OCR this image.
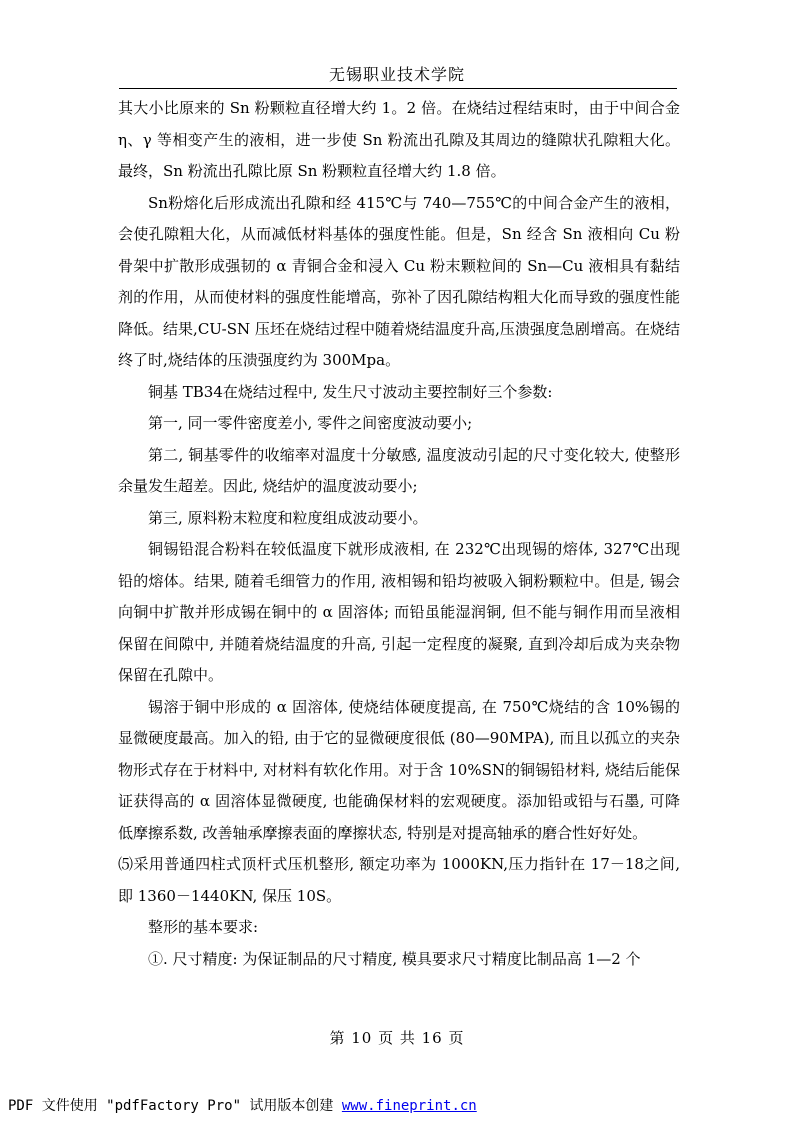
无锡职业技术学院

其大小比原来的 Sn 粉颗粒直径增大约 1。2 倍。在烧结过程结束时，由于中间合金 η、γ 等相变产生的液相，进一步使 Sn 粉流出孔隙及其周边的缝隙状孔隙粗大化。最终，Sn 粉流出孔隙比原 Sn 粉颗粒直径增大约 1.8 倍。

Sn粉熔化后形成流出孔隙和经 415℃与 740—755℃的中间合金产生的液相，会使孔隙粗大化，从而减低材料基体的强度性能。但是，Sn 经含 Sn 液相向 Cu 粉骨架中扩散形成强韧的 α 青铜合金和浸入 Cu 粉末颗粒间的 Sn—Cu 液相具有黏结剂的作用，从而使材料的强度性能增高，弥补了因孔隙结构粗大化而导致的强度性能降低。结果,CU-SN 压坯在烧结过程中随着烧结温度升高,压溃强度急剧增高。在烧结终了时,烧结体的压溃强度约为 300Mpa。

铜基 TB34在烧结过程中, 发生尺寸波动主要控制好三个参数:

第一, 同一零件密度差小, 零件之间密度波动要小;

第二, 铜基零件的收缩率对温度十分敏感, 温度波动引起的尺寸变化较大, 使整形余量发生超差。因此, 烧结炉的温度波动要小;

第三, 原料粉末粒度和粒度组成波动要小。

铜锡铅混合粉料在较低温度下就形成液相, 在 232℃出现锡的熔体, 327℃出现铅的熔体。结果, 随着毛细管力的作用, 液相锡和铅均被吸入铜粉颗粒中。但是, 锡会向铜中扩散并形成锡在铜中的 α 固溶体; 而铅虽能湿润铜, 但不能与铜作用而呈液相保留在间隙中, 并随着烧结温度的升高, 引起一定程度的凝聚, 直到冷却后成为夹杂物保留在孔隙中。

锡溶于铜中形成的 α 固溶体, 使烧结体硬度提高, 在 750℃烧结的含 10%锡的显微硬度最高。加入的铅, 由于它的显微硬度很低 (80—90MPA), 而且以孤立的夹杂物形式存在于材料中, 对材料有软化作用。对于含 10%SN的铜锡铅材料, 烧结后能保证获得高的 α 固溶体显微硬度, 也能确保材料的宏观硬度。添加铅或铅与石墨, 可降低摩擦系数, 改善轴承摩擦表面的摩擦状态, 特别是对提高轴承的磨合性好好处。

⑸采用普通四柱式顶杆式压机整形, 额定功率为 1000KN,压力指针在 17－18之间, 即 1360－1440KN, 保压 10S。

整形的基本要求:

①. 尺寸精度: 为保证制品的尺寸精度, 模具要求尺寸精度比制品高 1—2 个

第 10 页 共 16 页
PDF 文件使用 "pdfFactory Pro" 试用版本创建 www.fineprint.cn
